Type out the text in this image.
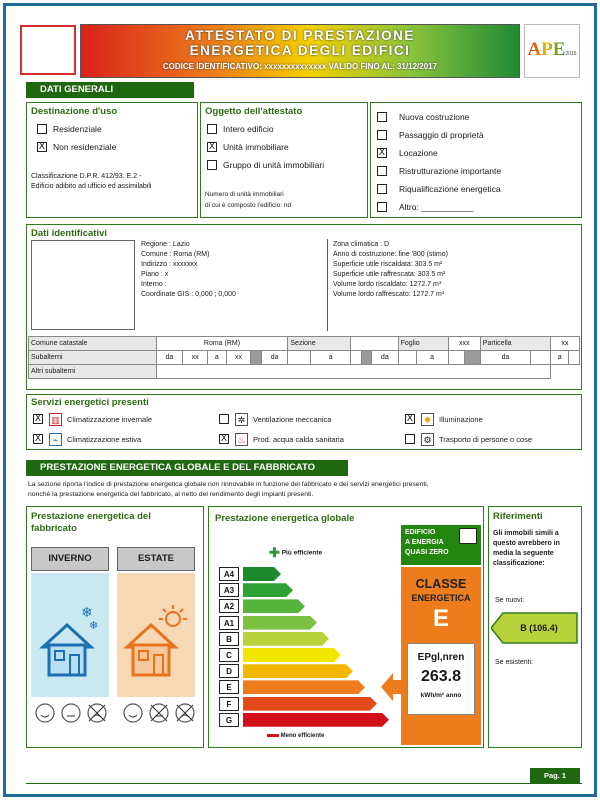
ATTESTATO DI PRESTAZIONE
ENERGETICA DEGLI EDIFICI
CODICE IDENTIFICATIVO: xxxxxxxxxxxxxx VALIDO FINO AL: 31/12/2017
APE2015
DATI GENERALI
Destinazione d'uso
Residenziale
X Non residenziale
Classificazione D.P.R. 412/93: E.2 -
Edificio adibito ad ufficio ed assimilabili
Oggetto dell'attestato
Intero edificio
X Unità immobiliare
Gruppo di unità immobiliari
Numero di unità immobiliari
di cui è composto l'edificio: nd
Nuova costruzione
Passaggio di proprietà
X Locazione
Ristrutturazione importante
Riqualificazione energetica
Altro: ___________
Dati identificativi
Regione : Lazio
Comune : Roma (RM)
Indirizzo : xxxxxxx
Piano : x
Interno :
Coordinate GIS : 0,000 ; 0,000
Zona climatica : D
Anno di costruzione: fine '800 (stimo)
Superficie utile riscaldata: 303.5 m²
Superficie utile raffrescata: 303.5 m²
Volume lordo riscaldato: 1272.7 m³
Volume lordo raffrescato: 1272.7 m³
Comune catastale	Roma (RM)						Sezione					Foglio		xxx		Particella		xx	
Subalterni	da	xx	a	xx		da		a			da		a			da		a	
Altri subalterni																			
Servizi energetici presenti
X ▥ Climatizzazione invernale	✲	Ventilazione meccanica	X	✹	Illuminazione
X	⌁	Climatizzazione estiva	X ♨ Prod. acqua calda sanitaria	⚙ Trasporto di persone o cose
PRESTAZIONE ENERGETICA GLOBALE E DEL FABBRICATO
La sezione riporta l'indice di prestazione energetica globale non rinnovabile in funzione del fabbricato e dei servizi energetici presenti,
nonché la prestazione energetica del fabbricato, al netto del rendimento degli impianti presenti.
Prestazione energetica del
fabbricato
INVERNO	ESTATE
❄
❄
Prestazione energetica globale
✚ Più efficiente
A4
A3
A2
A1
B
C
D
E
F
G
Meno efficiente
EDIFICIO
A ENERGIA
QUASI ZERO
CLASSE
ENERGETICA
E
EPgl,nren
263.8
kWh/m² anno
Riferimenti
Gli immobili simili a
questo avrebbero in
media la seguente
classificazione:
Se nuovi:
B (106.4)
Se esistenti:
Pag. 1
